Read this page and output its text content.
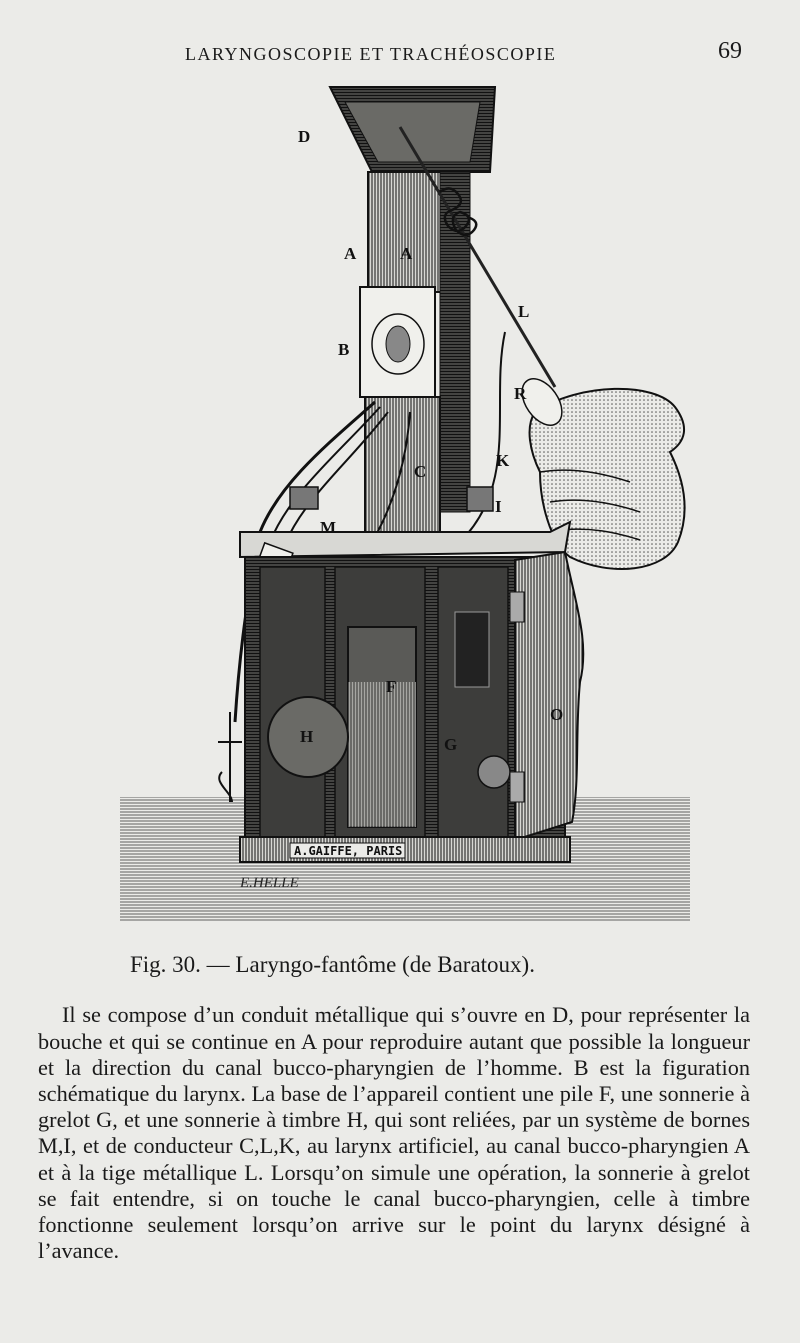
LARYNGOSCOPIE ET TRACHÉOSCOPIE	69
A.GAIFFE, PARIS
E.HELLE
D
A	A
B
L
R
K
C
I
M
F
G
H
O
Fig. 30. — Laryngo-fantôme (de Baratoux).

Il se compose d’un conduit métallique qui s’ouvre en D, pour représenter la bouche et qui se continue en A pour reproduire autant que possible la longueur et la direction du canal bucco-pharyngien de l’homme. B est la figuration schématique du larynx. La base de l’appareil contient une pile F, une sonnerie à grelot G, et une sonnerie à timbre H, qui sont reliées, par un système de bornes M,I, et de conducteur C,L,K, au larynx artificiel, au canal bucco-pharyngien A et à la tige métallique L. Lorsqu’on simule une opération, la sonnerie à grelot se fait entendre, si on touche le canal bucco-pharyngien, celle à timbre fonctionne seulement lorsqu’on arrive sur le point du larynx désigné à l’avance.
